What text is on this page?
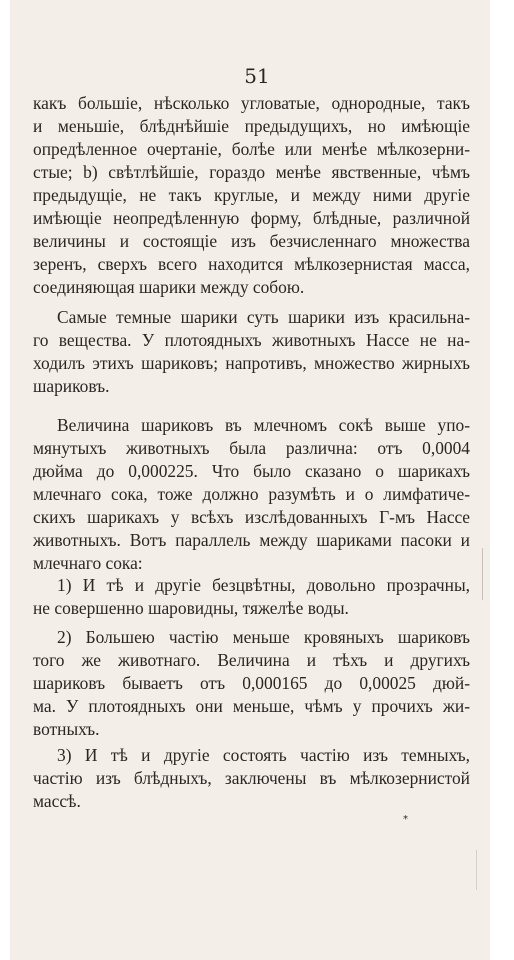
51
какъ большіе, нѣсколько угловатые, однородные, такъ
и меньшіе, блѣднѣйшіе предыдущихъ, но имѣющіе
опредѣленное очертаніе, болѣе или менѣе мѣлкозерни-
стые; b) свѣтлѣйшіе, гораздо менѣе явственные, чѣмъ
предыдущіе, не такъ круглые, и между ними другіе
имѣющіе неопредѣленную форму, блѣдные, различной
величины и состоящіе изъ безчисленнаго множества
зеренъ, сверхъ всего находится мѣлкозернистая масса,
соединяющая шарики между собою.
Самые темные шарики суть шарики изъ красильна-
го вещества. У плотоядныхъ животныхъ Hacce не на-
ходилъ этихъ шариковъ; напротивъ, множество жирныхъ
шариковъ.
Величина шариковъ въ млечномъ сокѣ выше упо-
мянутыхъ животныхъ была различна: отъ 0,0004
дюйма до 0,000225. Что было сказано о шарикахъ
млечнаго сока, тоже должно разумѣть и о лимфатиче-
скихъ шарикахъ у всѣхъ изслѣдованныхъ Г-мъ Hacce
животныхъ. Вотъ параллель между шариками пасоки и
млечнаго сока:
1) И тѣ и другіе безцвѣтны, довольно прозрачны,
не совершенно шаровидны, тяжелѣе воды.
2) Большею частію меньше кровяныхъ шариковъ
того же животнаго. Величина и тѣхъ и другихъ
шариковъ бываетъ отъ 0,000165 до 0,00025 дюй-
ма. У плотоядныхъ они меньше, чѣмъ у прочихъ жи-
вотныхъ.
3) И тѣ и другіе состоять частію изъ темныхъ,
частію изъ блѣдныхъ, заключены въ мѣлкозернистой
массѣ.
*
